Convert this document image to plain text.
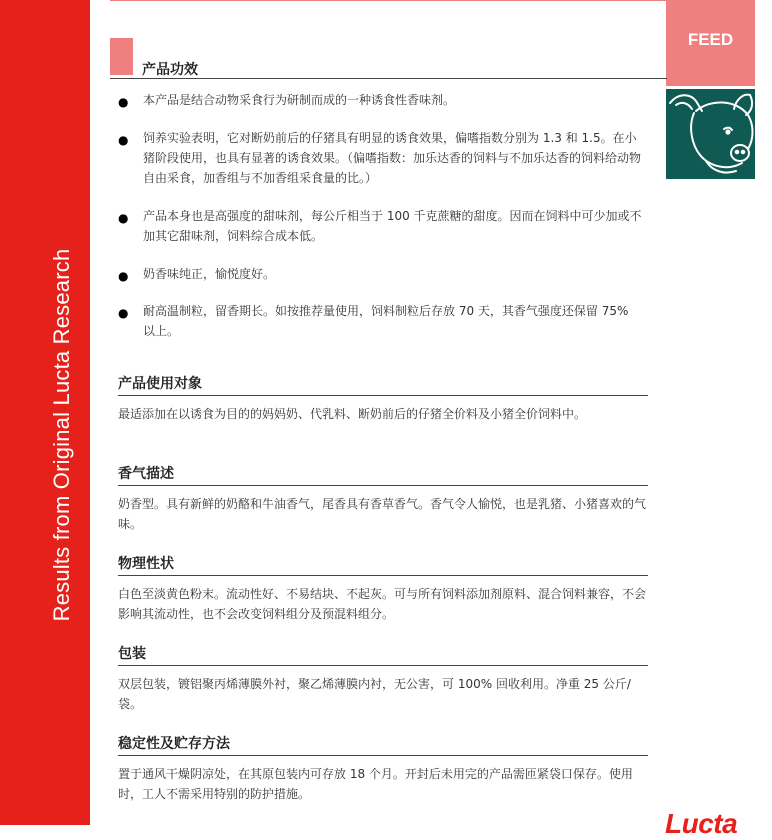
Results from Original Lucta Research
FEED
产品功效
● 本产品是结合动物采食行为研制而成的一种诱食性香味剂。
● 饲养实验表明，它对断奶前后的仔猪具有明显的诱食效果，偏嗜指数分别为 1.3 和 1.5。在小猪阶段使用，也具有显著的诱食效果。（偏嗜指数：加乐达香的饲料与不加乐达香的饲料给动物自由采食，加香组与不加香组采食量的比。）
● 产品本身也是高强度的甜味剂，每公斤相当于 100 千克蔗糖的甜度。因而在饲料中可少加或不加其它甜味剂，饲料综合成本低。
● 奶香味纯正，愉悦度好。
● 耐高温制粒，留香期长。如按推荐量使用，饲料制粒后存放 70 天，其香气强度还保留 75% 以上。
产品使用对象
最适添加在以诱食为目的的妈妈奶、代乳料、断奶前后的仔猪全价料及小猪全价饲料中。
香气描述
奶香型。具有新鲜的奶酪和牛油香气，尾香具有香草香气。香气令人愉悦，也是乳猪、小猪喜欢的气味。
物理性状
白色至淡黄色粉末。流动性好、不易结块、不起灰。可与所有饲料添加剂原料、混合饲料兼容，不会影响其流动性，也不会改变饲料组分及预混料组分。
包装
双层包装，镀铝聚丙烯薄膜外衬，聚乙烯薄膜内衬，无公害，可 100% 回收利用。净重 25 公斤/袋。
稳定性及贮存方法
置于通风干燥阴凉处，在其原包装内可存放 18 个月。开封后未用完的产品需匝紧袋口保存。使用时，工人不需采用特别的防护措施。
Lucta
